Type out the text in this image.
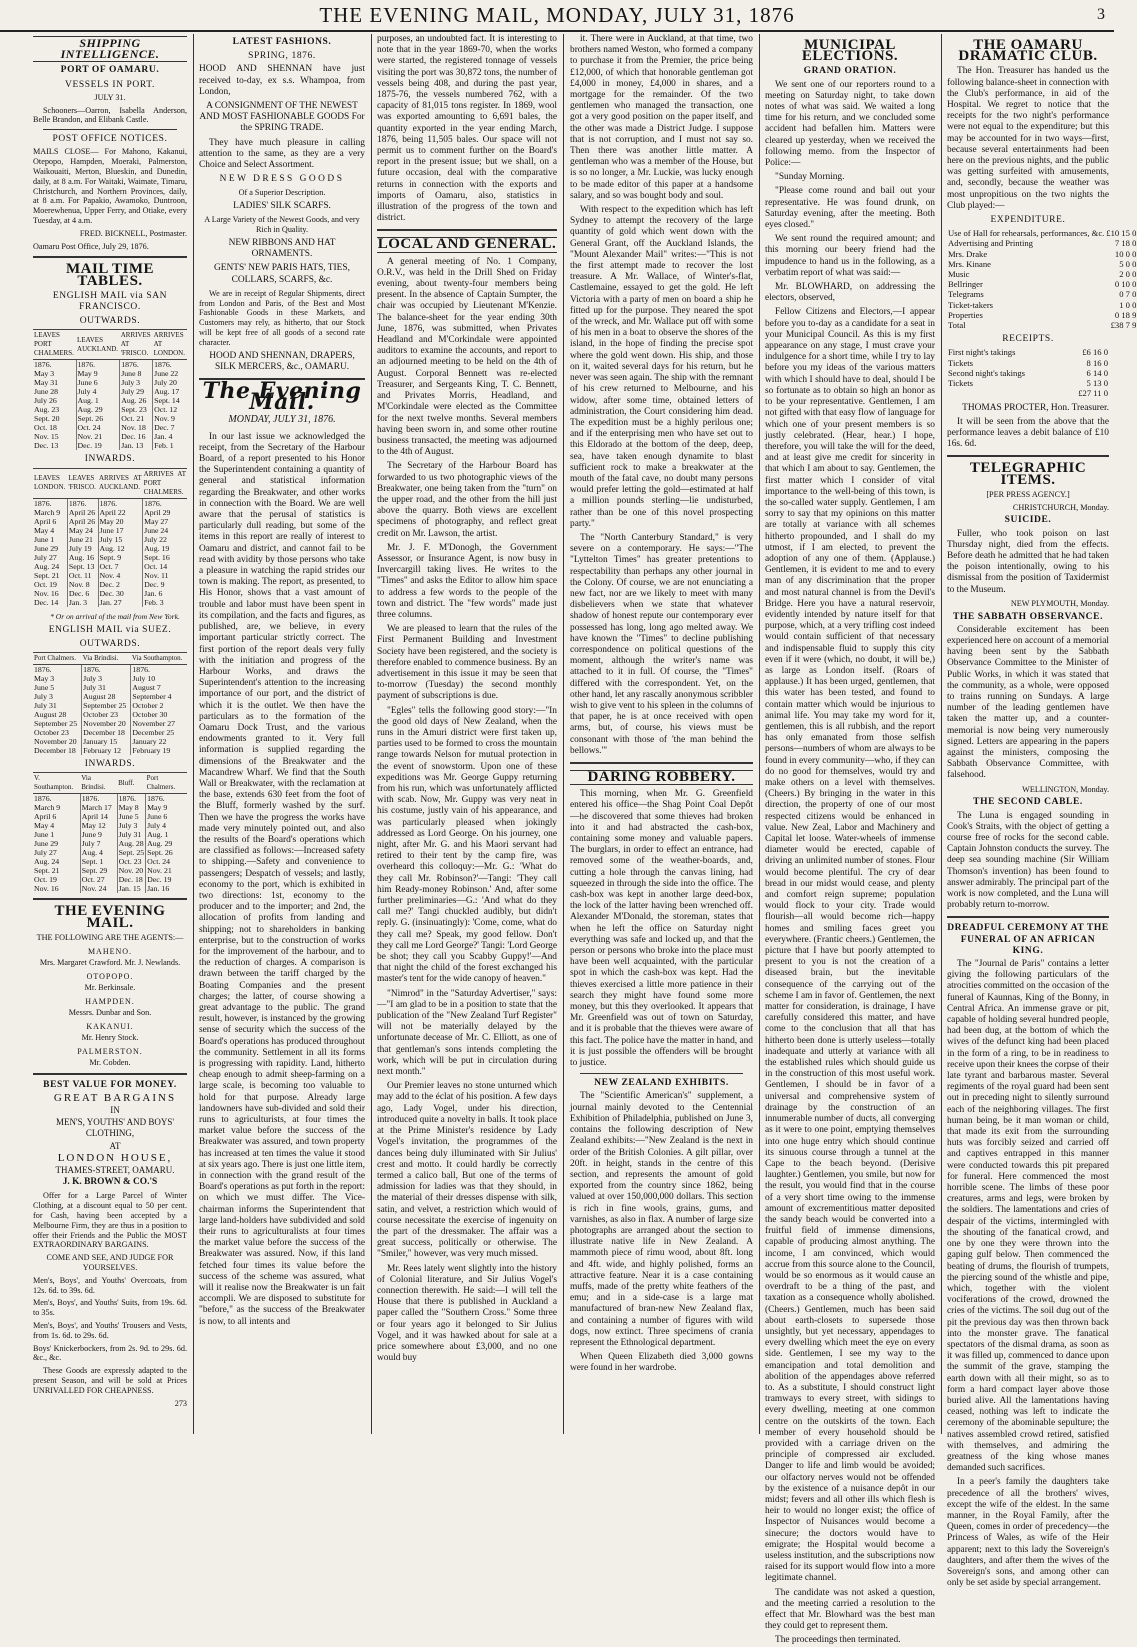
THE EVENING MAIL, MONDAY, JULY 31, 1876	3
SHIPPING INTELLIGENCE.
PORT OF OAMARU.
VESSELS IN PORT.

JULY 31.

Schooners—Oarron, Isabella Anderson, Belle Brandon, and Elibank Castle.

POST OFFICE NOTICES.

MAILS CLOSE— For Mahono, Kakanui, Otepopo, Hampden, Moeraki, Palmerston, Waikouaiti, Merton, Blueskin, and Dunedin, daily, at 8 a.m. For Waitaki, Waimate, Timaru, Christchurch, and Northern Provinces, daily, at 8 a.m. For Papakio, Awamoko, Duntroon, Moerewhenua, Upper Ferry, and Otiake, every Tuesday, at 4 a.m.

FRED. BICKNELL, Postmaster.

Oamaru Post Office, July 29, 1876.

MAIL TIME TABLES.
ENGLISH MAIL via SAN FRANCISCO.
OUTWARDS.
LEAVES PORT CHALMERS.	LEAVES AUCKLAND.	ARRIVES AT 'FRISCO.	ARRIVES AT LONDON.
1876.	1876.	1876.	1876.
May 3	May 9	June 8	June 22
May 31	June 6	July 3	July 20
June 28	July 4	July 29	Aug. 17
July 26	Aug. 1	Aug. 26	Sept. 14
Aug. 23	Aug. 29	Sept. 23	Oct. 12
Sept. 20	Sept. 26	Oct. 21	Nov. 9
Oct. 18	Oct. 24	Nov. 18	Dec. 7
Nov. 15	Nov. 21	Dec. 16	Jan. 4
Dec. 13	Dec. 19	Jan. 13	Feb. 1
INWARDS.
LEAVES LONDON.	LEAVES 'FRISCO.	ARRIVES AT AUCKLAND.	ARRIVES AT PORT CHALMERS.
1876.	1876.	1876.	1876.
March 9	April 26	April 22	April 29
April 6	April 26	May 20	May 27
May 4	May 24	June 17	June 24
June 1	June 21	July 15	July 22
June 29	July 19	Aug. 12	Aug. 19
July 27	Aug. 16	Sept. 9	Sept. 16
Aug. 24	Sept. 13	Oct. 7	Oct. 14
Sept. 21	Oct. 11	Nov. 4	Nov. 11
Oct. 19	Nov. 8	Dec. 2	Dec. 9
Nov. 16	Dec. 6	Dec. 30	Jan. 6
Dec. 14	Jan. 3	Jan. 27	Feb. 3

* Or on arrival of the mail from New York.

ENGLISH MAIL via SUEZ.
OUTWARDS.
Port Chalmers.	Via Brindisi.	Via Southampton.
1876.	1876.	1876.
May 3	July 3	July 10
June 5	July 31	August 7
July 3	August 28	September 4
July 31	September 25	October 2
August 28	October 23	October 30
September 25	November 20	November 27
October 23	December 18	December 25
November 20	January 15	January 22
December 18	February 12	February 19
INWARDS.
V. Southampton.	Via Brindisi.	Bluff.	Port Chalmers.
1876.	1876.	1876.	1876.
March 9	March 17	May 8	May 9
April 6	April 14	June 5	June 6
May 4	May 12	July 3	July 4
June 1	June 9	July 31	Aug. 1
June 29	July 7	Aug. 28	Aug. 29
July 27	Aug. 4	Sept. 25	Sept. 26
Aug. 24	Sept. 1	Oct. 23	Oct. 24
Sept. 21	Sept. 29	Nov. 20	Nov. 21
Oct. 19	Oct. 27	Dec. 18	Dec. 19
Nov. 16	Nov. 24	Jan. 15	Jan. 16
THE EVENING MAIL.

THE FOLLOWING ARE THE AGENTS:—

MAHENO.

Mrs. Margaret Crawford. Mr. J. Newlands.

OTOPOPO.

Mr. Berkinsale.

HAMPDEN.

Messrs. Dunbar and Son.

KAKANUI.

Mr. Henry Stock.

PALMERSTON.

Mr. Cobden.

BEST VALUE FOR MONEY.

GREAT BARGAINS

IN

MEN'S, YOUTHS' AND BOYS' CLOTHING,

AT

LONDON HOUSE,

THAMES-STREET, OAMARU.

J. K. BROWN & CO.'S

Offer for a Large Parcel of Winter Clothing, at a discount equal to 50 per cent. for Cash, having been accepted by a Melbourne Firm, they are thus in a position to offer their Friends and the Public the MOST EXTRAORDINARY BARGAINS.

COME AND SEE, AND JUDGE FOR YOURSELVES.

Men's, Boys', and Youths' Overcoats, from 12s. 6d. to 39s. 6d.

Men's, Boys', and Youths' Suits, from 19s. 6d. to 35s.

Men's, Boys', and Youths' Trousers and Vests, from 1s. 6d. to 29s. 6d.

Boys' Knickerbockers, from 2s. 9d. to 29s. 6d. &c., &c.

These Goods are expressly adapted to the present Season, and will be sold at Prices UNRIVALLED FOR CHEAPNESS.

273

LATEST FASHIONS.
SPRING, 1876.

HOOD AND SHENNAN have just received to-day, ex s.s. Whampoa, from London,

A CONSIGNMENT OF THE NEWEST AND MOST FASHIONABLE GOODS For the SPRING TRADE.

They have much pleasure in calling attention to the same, as they are a very Choice and Select Assortment.

NEW DRESS GOODS

Of a Superior Description.

LADIES' SILK SCARFS.

A Large Variety of the Newest Goods, and very Rich in Quality.

NEW RIBBONS AND HAT ORNAMENTS.

GENTS' NEW PARIS HATS, TIES, COLLARS, SCARFS, &c.

We are in receipt of Regular Shipments, direct from London and Paris, of the Best and Most Fashionable Goods in these Markets, and Customers may rely, as hitherto, that our Stock will be kept free of all goods of a second rate character.

HOOD AND SHENNAN, DRAPERS, SILK MERCERS, &c., OAMARU.

The Evening Mail.
MONDAY, JULY 31, 1876.

In our last issue we acknowledged the receipt, from the Secretary of the Harbour Board, of a report presented to his Honor the Superintendent containing a quantity of general and statistical information regarding the Breakwater, and other works in connection with the Board. We are well aware that the perusal of statistics is particularly dull reading, but some of the items in this report are really of interest to Oamaru and district, and cannot fail to be read with avidity by those persons who take a pleasure in watching the rapid strides our town is making. The report, as presented, to His Honor, shows that a vast amount of trouble and labor must have been spent in its compilation, and the facts and figures, as published, are, we believe, in every important particular strictly correct. The first portion of the report deals very fully with the initiation and progress of the Harbour Works, and draws the Superintendent's attention to the increasing importance of our port, and the district of which it is the outlet. We then have the particulars as to the formation of the Oamaru Dock Trust, and the various endowments granted to it. Very full information is supplied regarding the dimensions of the Breakwater and the Macandrew Wharf. We find that the South Wall or Breakwater, with the reclamation at the base, extends 630 feet from the foot of the Bluff, formerly washed by the surf. Then we have the progress the works have made very minutely pointed out, and also the results of the Board's operations which are classified as follows:—Increased safety to shipping.—Safety and convenience to passengers; Despatch of vessels; and lastly, economy to the port, which is exhibited in two directions: 1st, economy to the producer and to the importer; and 2nd, the allocation of profits from landing and shipping; not to shareholders in banking enterprise, but to the construction of works for the improvement of the harbour, and to the reduction of charges. A comparison is drawn between the tariff charged by the Boating Companies and the present charges; the latter, of course showing a great advantage to the public. The grand result, however, is instanced by the growing sense of security which the success of the Board's operations has produced throughout the community. Settlement in all its forms is progressing with rapidity. Land, hitherto cheap enough to admit sheep-farming on a large scale, is becoming too valuable to hold for that purpose. Already large landowners have sub-divided and sold their runs to agriculturists, at four times the market value before the success of the Breakwater was assured, and town property has increased at ten times the value it stood at six years ago. There is just one little item, in connection with the grand result of the Board's operations as put forth in the report: on which we must differ. The Vice-chairman informs the Superintendent that large land-holders have subdivided and sold their runs to agriculturalists at four times the market value before the success of the Breakwater was assured. Now, if this land fetched four times its value before the success of the scheme was assured, what will it realise now the Breakwater is un fait accompli. We are disposed to substitute for "before," as the success of the Breakwater is now, to all intents and

purposes, an undoubted fact. It is interesting to note that in the year 1869-70, when the works were started, the registered tonnage of vessels visiting the port was 30,872 tons, the number of vessels being 408, and during the past year, 1875-76, the vessels numbered 762, with a capacity of 81,015 tons register. In 1869, wool was exported amounting to 6,691 bales, the quantity exported in the year ending March, 1876, being 11,505 bales. Our space will not permit us to comment further on the Board's report in the present issue; but we shall, on a future occasion, deal with the comparative returns in connection with the exports and imports of Oamaru, also, statistics in illustration of the progress of the town and district.

LOCAL AND GENERAL.

A general meeting of No. 1 Company, O.R.V., was held in the Drill Shed on Friday evening, about twenty-four members being present. In the absence of Captain Sumpter, the chair was occupied by Lieutenant M'Kenzie. The balance-sheet for the year ending 30th June, 1876, was submitted, when Privates Headland and M'Corkindale were appointed auditors to examine the accounts, and report to an adjourned meeting to be held on the 4th of August. Corporal Bennett was re-elected Treasurer, and Sergeants King, T. C. Bennett, and Privates Morris, Headland, and M'Corkindale were elected as the Committee for the next twelve months. Several members having been sworn in, and some other routine business transacted, the meeting was adjourned to the 4th of August.

The Secretary of the Harbour Board has forwarded to us two photographic views of the Breakwater, one being taken from the "turn" on the upper road, and the other from the hill just above the quarry. Both views are excellent specimens of photography, and reflect great credit on Mr. Lawson, the artist.

Mr. J. F. M'Donogh, the Government Assessor, or Insurance Agent, is now busy in Invercargill taking lives. He writes to the "Times" and asks the Editor to allow him space to address a few words to the people of the town and district. The "few words" made just three columns.

We are pleased to learn that the rules of the First Permanent Building and Investment Society have been registered, and the society is therefore enabled to commence business. By an advertisement in this issue it may be seen that to-morrow (Tuesday) the second monthly payment of subscriptions is due.

"Egles" tells the following good story:—"In the good old days of New Zealand, when the runs in the Amuri district were first taken up, parties used to be formed to cross the mountain range towards Nelson for mutual protection in the event of snowstorm. Upon one of these expeditions was Mr. George Guppy returning from his run, which was unfortunately afflicted with scab. Now, Mr. Guppy was very neat in his costume, justly vain of his appearance, and was particularly pleased when jokingly addressed as Lord George. On his journey, one night, after Mr. G. and his Maori servant had retired to their tent by the camp fire, was overheard this colloquy:—Mr. G.: 'What do they call Mr. Robinson?'—Tangi: 'They call him Ready-money Robinson.' And, after some further preliminaries—G.: 'And what do they call me?' Tangi chuckled audibly, but didn't reply. G. (insinuatingly): 'Come, come, what do they call me? Speak, my good fellow. Don't they call me Lord George?' Tangi: 'Lord George be shot; they call you Scabby Guppy!'—And that night the child of the forest exchanged his master's tent for the wide canopy of heaven."

"Nimrod" in the "Saturday Advertiser," says:—"I am glad to be in a position to state that the publication of the "New Zealand Turf Register" will not be materially delayed by the unfortunate decease of Mr. C. Elliott, as one of that gentleman's sons intends completing the work, which will be put in circulation during next month."

Our Premier leaves no stone unturned which may add to the éclat of his position. A few days ago, Lady Vogel, under his direction, introduced quite a novelty in balls. It took place at the Prime Minister's residence by Lady Vogel's invitation, the programmes of the dances being duly illuminated with Sir Julius' crest and motto. It could hardly be correctly termed a calico ball, But one of the terms of admission for ladies was that they should, in the material of their dresses dispense with silk, satin, and velvet, a restriction which would of course necessitate the exercise of ingenuity on the part of the dressmaker. The affair was a great success, politically or otherwise. The "Smiler," however, was very much missed.

Mr. Rees lately went slightly into the history of Colonial literature, and Sir Julius Vogel's connection therewith. He said:—I will tell the House that there is published in Auckland a paper called the "Southern Cross." Some three or four years ago it belonged to Sir Julius Vogel, and it was hawked about for sale at a price somewhere about £3,000, and no one would buy

it. There were in Auckland, at that time, two brothers named Weston, who formed a company to purchase it from the Premier, the price being £12,000, of which that honorable gentleman got £4,000 in money, £4,000 in shares, and a mortgage for the remainder. Of the two gentlemen who managed the transaction, one got a very good position on the paper itself, and the other was made a District Judge. I suppose that is not corruption, and I must not say so. Then there was another little matter. A gentleman who was a member of the House, but is so no longer, a Mr. Luckie, was lucky enough to be made editor of this paper at a handsome salary, and so was bought body and soul.

With respect to the expedition which has left Sydney to attempt the recovery of the large quantity of gold which went down with the General Grant, off the Auckland Islands, the "Mount Alexander Mail" writes:—"This is not the first attempt made to recover the lost treasure. A Mr. Wallace, of Winter's-flat, Castlemaine, essayed to get the gold. He left Victoria with a party of men on board a ship he fitted up for the purpose. They neared the spot of the wreck, and Mr. Wallace put off with some of his men in a boat to observe the shores of the island, in the hope of finding the precise spot where the gold went down. His ship, and those on it, waited several days for his return, but he never was seen again. The ship with the remnant of his crew returned to Melbourne, and his widow, after some time, obtained letters of administration, the Court considering him dead. The expedition must be a highly perilous one; and if the enterprising men who have set out to this Eldorado at the bottom of the deep, deep, sea, have taken enough dynamite to blast sufficient rock to make a breakwater at the mouth of the fatal cave, no doubt many persons would prefer letting the gold—estimated at half a million pounds sterling—lie undisturbed, rather than be one of this novel prospecting party."

The "North Canterbury Standard," is very severe on a contemporary. He says:—"The "Lyttelton Times" has greater pretentions to respectability than perhaps any other journal in the Colony. Of course, we are not enunciating a new fact, nor are we likely to meet with many disbelievers when we state that whatever shadow of honest repute our contemporary ever possessed has long, long ago melted away. We have known the "Times" to decline publishing correspondence on political questions of the moment, although the writer's name was attached to it in full. Of course, the "Times" differed with the correspondent. Yet, on the other hand, let any rascally anonymous scribbler wish to give vent to his spleen in the columns of that paper, he is at once received with open arms, but, of course, his views must be consonant with those of 'the man behind the bellows.'"

DARING ROBBERY.

This morning, when Mr. G. Greenfield entered his office—the Shag Point Coal Depôt—he discovered that some thieves had broken into it and had abstracted the cash-box, containing some money and valuable papers. The burglars, in order to effect an entrance, had removed some of the weather-boards, and, cutting a hole through the canvas lining, had squeezed in through the side into the office. The cash-box was kept in another large deed-box, the lock of the latter having been wrenched off. Alexander M'Donald, the storeman, states that when he left the office on Saturday night everything was safe and locked up, and that the person or persons who broke into the place must have been well acquainted, with the particular spot in which the cash-box was kept. Had the thieves exercised a little more patience in their search they might have found some more money, but this they overlooked. It appears that Mr. Greenfield was out of town on Saturday, and it is probable that the thieves were aware of this fact. The police have the matter in hand, and it is just possible the offenders will be brought to justice.

NEW ZEALAND EXHIBITS.

The "Scientific American's" supplement, a journal mainly devoted to the Centennial Exhibition of Philadelphia, published on June 3, contains the following description of New Zealand exhibits:—"New Zealand is the next in order of the British Colonies. A gilt pillar, over 20ft. in height, stands in the centre of this section, and represents the amount of gold exported from the country since 1862, being valued at over 150,000,000 dollars. This section is rich in fine wools, grains, gums, and varnishes, as also in flax. A number of large size photographs are arranged about the section to illustrate native life in New Zealand. A mammoth piece of rimu wood, about 8ft. long and 4ft. wide, and highly polished, forms an attractive feature. Near it is a case containing muffs, made of the pretty white feathers of the emu; and in a side-case is a large mat manufactured of bran-new New Zealand flax, and containing a number of figures with wild dogs, now extinct. Three specimens of crania represent the Ethnological department.

When Queen Elizabeth died 3,000 gowns were found in her wardrobe.

MUNICIPAL ELECTIONS.
GRAND ORATION.

We sent one of our reporters round to a meeting on Saturday night, to take down notes of what was said. We waited a long time for his return, and we concluded some accident had befallen him. Matters were cleared up yesterday, when we received the following memo. from the Inspector of Police:—

"Sunday Morning.

"Please come round and bail out your representative. He was found drunk, on Saturday evening, after the meeting. Both eyes closed."

We sent round the required amount; and this morning our beery friend had the impudence to hand us in the following, as a verbatim report of what was said:—

Mr. BLOWHARD, on addressing the electors, observed,

Fellow Citizens and Electors,—I appear before you to-day as a candidate for a seat in your Municipal Council. As this is my first appearance on any stage, I must crave your indulgence for a short time, while I try to lay before you my ideas of the various matters with which I should have to deal, should I be so fortunate as to obtain so high an honor as to be your representative. Gentlemen, I am not gifted with that easy flow of language for which one of your present members is so justly celebrated. (Hear, hear.) I hope, therefore, you will take the will for the deed, and at least give me credit for sincerity in that which I am about to say. Gentlemen, the first matter which I consider of vital importance to the well-being of this town, is the so-called water supply. Gentlemen, I am sorry to say that my opinions on this matter are totally at variance with all schemes hitherto propounded, and I shall do my utmost, if I am elected, to prevent the adoption of any one of them. (Applause.) Gentlemen, it is evident to me and to every man of any discrimination that the proper and most natural channel is from the Devil's Bridge. Here you have a natural reservoir, evidently intended by nature itself for that purpose, which, at a very trifling cost indeed would contain sufficient of that necessary and indispensable fluid to supply this city even if it were (which, no doubt, it will be,) as large as London itself. (Roars of applause.) It has been urged, gentlemen, that this water has been tested, and found to contain matter which would be injurious to animal life. You may take my word for it, gentlemen, this is all rubbish, and the report has only emanated from those selfish persons—numbers of whom are always to be found in every community—who, if they can do no good for themselves, would try and make others on a level with themselves. (Cheers.) By bringing in the water in this direction, the property of one of our most respected citizens would be enhanced in value. New Zeal, Labor and Machinery and Capital let loose. Water-wheels of immense diameter would be erected, capable of driving an unlimited number of stones. Flour would become plentiful. The cry of dear bread in our midst would cease, and plenty and comfort reign supreme; population would flock to your city. Trade would flourish—all would become rich—happy homes and smiling faces greet you everywhere. (Frantic cheers.) Gentlemen, the picture that I have but poorly attempted to present to you is not the creation of a diseased brain, but the inevitable consequence of the carrying out of the scheme I am in favor of. Gentlemen, the next matter for consideration, is drainage, I have carefully considered this matter, and have come to the conclusion that all that has hitherto been done is utterly useless—totally inadequate and utterly at variance with all the established rules which should guide us in the construction of this most useful work. Gentlemen, I should be in favor of a universal and comprehensive system of drainage by the construction of an innumerable number of ducts, all converging as it were to one point, emptying themselves into one huge entry which should continue its sinuous course through a tunnel at the Cape to the beach beyond. (Derisive laughter.) Gentlemen, you smile, but now for the result, you would find that in the course of a very short time owing to the immense amount of excrementitious matter deposited the sandy beach would be converted into a fruitful field of immense dimensions, capable of producing almost anything. The income, I am convinced, which would accrue from this source alone to the Council, would be so enormous as it would cause an overdraft to be a thing of the past, and taxation as a consequence wholly abolished. (Cheers.) Gentlemen, much has been said about earth-closets to supersede those unsightly, but yet necessary, appendages to every dwelling which meet the eye on every side. Gentlemen, I see my way to the emancipation and total demolition and abolition of the appendages above referred to. As a substitute, I should construct light tramways to every street, with sidings to every dwelling, meeting at one common centre on the outskirts of the town. Each member of every household should be provided with a carriage driven on the principle of compressed air excluded. Danger to life and limb would be avoided; our olfactory nerves would not be offended by the existence of a nuisance depôt in our midst; fevers and all other ills which flesh is heir to would no longer exist; the office of Inspector of Nuisances would become a sinecure; the doctors would have to emigrate; the Hospital would become a useless institution, and the subscriptions now raised for its support would flow into a more legitimate channel.

The candidate was not asked a question, and the meeting carried a resolution to the effect that Mr. Blowhard was the best man they could get to represent them.

The proceedings then terminated.

THE OAMARU DRAMATIC CLUB.

The Hon. Treasurer has handed us the following balance-sheet in connection with the Club's performance, in aid of the Hospital. We regret to notice that the receipts for the two night's performance were not equal to the expenditure; but this may be accounted for in two ways—first, because several entertainments had been here on the previous nights, and the public was getting surfeited with amusements, and, secondly, because the weather was most unpropitious on the two nights the Club played:—

EXPENDITURE.
Use of Hall for rehearsals, performances, &c.	£10 15 0
Advertising and Printing	7 18 0
Mrs. Drake	10 0 0
Mrs. Kinane	5 0 0
Music	2 0 0
Bellringer	0 10 0
Telegrams	0 7 0
Ticket-takers	1 0 0
Properties	0 18 9
Total	£38 7 9
RECEIPTS.
First night's takings	£6 16 0
Tickets	8 16 0
Second night's takings	6 14 0
Tickets	5 13 0
	£27 11 0

THOMAS PROCTER, Hon. Treasurer.

It will be seen from the above that the performance leaves a debit balance of £10 16s. 6d.

TELEGRAPHIC ITEMS.

[PER PRESS AGENCY.]

CHRISTCHURCH, Monday.

SUICIDE.

Fuller, who took poison on last Thursday night, died from the effects. Before death he admitted that he had taken the poison intentionally, owing to his dismissal from the position of Taxidermist to the Museum.

NEW PLYMOUTH, Monday.

THE SABBATH OBSERVANCE.

Considerable excitement has been experienced here on account of a memorial having been sent by the Sabbath Observance Committee to the Minister of Public Works, in which it was stated that the community, as a whole, were opposed to trains running on Sundays. A large number of the leading gentlemen have taken the matter up, and a counter-memorial is now being very numerously signed. Letters are appearing in the papers against the ministers, composing the Sabbath Observance Committee, with falsehood.

WELLINGTON, Monday.

THE SECOND CABLE.

The Luna is engaged sounding in Cook's Straits, with the object of getting a course free of rocks for the second cable. Captain Johnston conducts the survey. The deep sea sounding machine (Sir William Thomson's invention) has been found to answer admirably. The principal part of the work is now completed, and the Luna will probably return to-morrow.

DREADFUL CEREMONY AT THE FUNERAL OF AN AFRICAN KING.

The "Journal de Paris" contains a letter giving the following particulars of the atrocities committed on the occasion of the funeral of Kaunnas, King of the Bonny, in Central Africa. An immense grave or pit, capable of holding several hundred people, had been dug, at the bottom of which the wives of the defunct king had been placed in the form of a ring, to be in readiness to receive upon their knees the corpse of their late tyrant and barbarous master. Several regiments of the royal guard had been sent out in preceding night to silently surround each of the neighboring villages. The first human being, be it man woman or child, that made its exit from the surrounding huts was forcibly seized and carried off and captives entrapped in this manner were conducted towards this pit prepared for funeral. Here commenced the most horrible scene. The limbs of these poor creatures, arms and legs, were broken by the soldiers. The lamentations and cries of despair of the victims, intermingled with the shouting of the fanatical crowd, and one by one they were thrown into the gaping gulf below. Then commenced the beating of drums, the flourish of trumpets, the piercing sound of the whistle and pipe, which, together with the violent vociferations of the crowd, drowned the cries of the victims. The soil dug out of the pit the previous day was then thrown back into the monster grave. The fanatical spectators of the dismal drama, as soon as it was filled up, commenced to dance upon the summit of the grave, stamping the earth down with all their might, so as to form a hard compact layer above those buried alive. All the lamentations having ceased, nothing was left to indicate the ceremony of the abominable sepulture; the natives assembled crowd retired, satisfied with themselves, and admiring the greatness of the king whose manes demanded such sacrifices.

In a peer's family the daughters take precedence of all the brothers' wives, except the wife of the eldest. In the same manner, in the Royal Family, after the Queen, comes in order of precedency—the Princess of Wales, as wife of the Heir apparent; next to this lady the Sovereign's daughters, and after them the wives of the Sovereign's sons, and among other can only be set aside by special arrangement.
